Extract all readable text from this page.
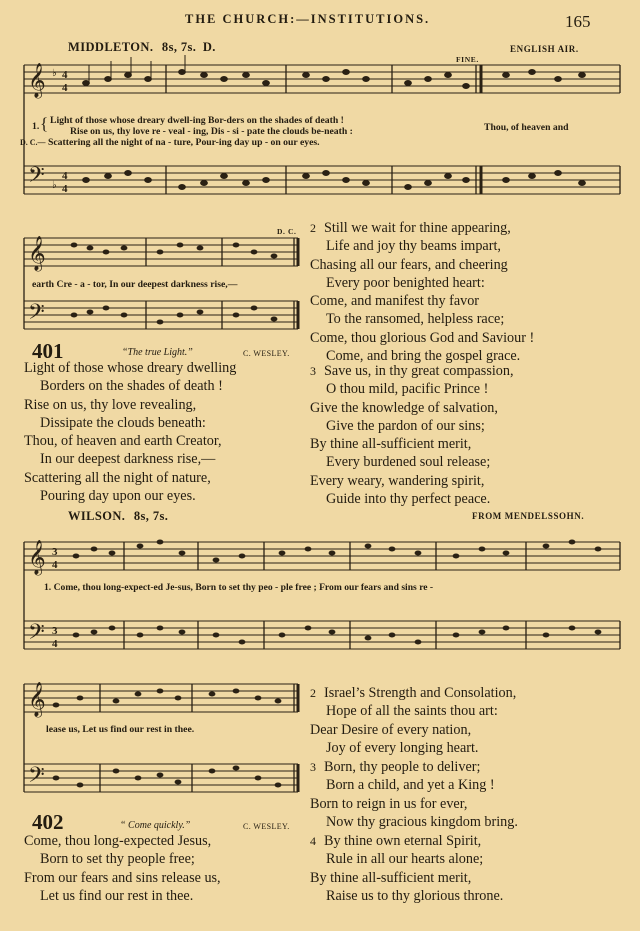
THE CHURCH:—INSTITUTIONS.	165
MIDDLETON. 8s, 7s. D.	ENGLISH AIR.
FINE.
𝄞
𝄢
♭
♭
4
4
4
4
1. { Light of those whose dreary dwell-ing Bor-ders on the shades of death !
Rise on us, thy love re - veal - ing, Dis - si - pate the clouds be-neath :	Thou, of heaven and
D. C.— Scattering all the night of na - ture, Pour-ing day up - on our eyes.
D. C.
𝄞
𝄢
earth Cre - a - tor, In our deepest darkness rise,—
401	“The true Light.”	C. WESLEY.
Light of those whose dreary dwelling
Borders on the shades of death !
Rise on us, thy love revealing,
Dissipate the clouds beneath:
Thou, of heaven and earth Creator,
In our deepest darkness rise,—
Scattering all the night of nature,
Pouring day upon our eyes.
2 Still we wait for thine appearing,
Life and joy thy beams impart,
Chasing all our fears, and cheering
Every poor benighted heart:
Come, and manifest thy favor
To the ransomed, helpless race;
Come, thou glorious God and Saviour !
Come, and bring the gospel grace.
3 Save us, in thy great compassion,
O thou mild, pacific Prince !
Give the knowledge of salvation,
Give the pardon of our sins;
By thine all-sufficient merit,
Every burdened soul release;
Every weary, wandering spirit,
Guide into thy perfect peace.
WILSON. 8s, 7s.	FROM MENDELSSOHN.
𝄞
𝄢
3
4
3
4
1. Come, thou long-expect-ed Je-sus, Born to set thy peo - ple free ; From our fears and sins re -
𝄞
𝄢
lease us, Let us find our rest in thee.
402	“ Come quickly.”	C. WESLEY.
Come, thou long-expected Jesus,
Born to set thy people free;
From our fears and sins release us,
Let us find our rest in thee.
2 Israel’s Strength and Consolation,
Hope of all the saints thou art:
Dear Desire of every nation,
Joy of every longing heart.
3 Born, thy people to deliver;
Born a child, and yet a King !
Born to reign in us for ever,
Now thy gracious kingdom bring.
4 By thine own eternal Spirit,
Rule in all our hearts alone;
By thine all-sufficient merit,
Raise us to thy glorious throne.
